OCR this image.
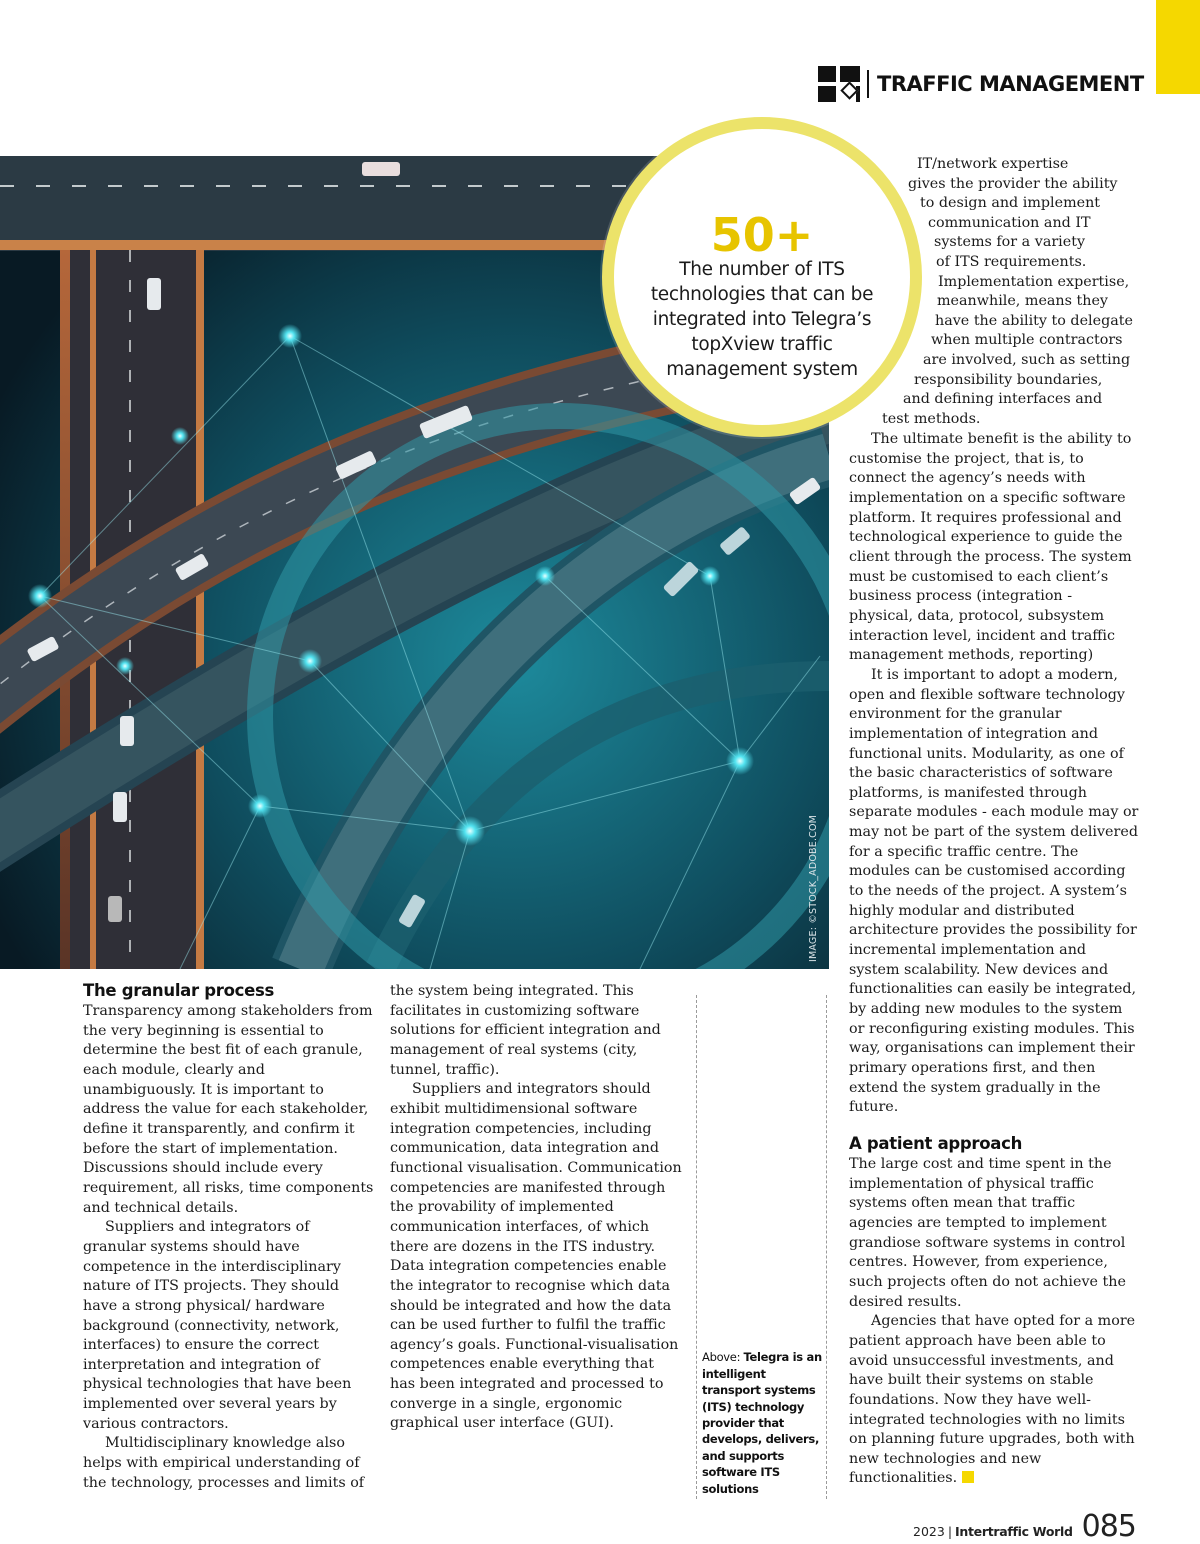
TRAFFIC MANAGEMENT
IMAGE: ©STOCK_ADOBE.COM
50+
The number of ITS technologies that can be integrated into Telegra’s topXview traffic management system
IT/network expertise
gives the provider the ability
to design and implement
communication and IT
systems for a variety
of ITS requirements.
Implementation expertise,
meanwhile, means they
have the ability to delegate
when multiple contractors
are involved, such as setting
responsibility boundaries,
and defining interfaces and
test methods.

The ultimate benefit is the ability to customise the project, that is, to connect the agency’s needs with implementation on a specific software platform. It requires professional and technological experience to guide the client through the process. The system must be customised to each client’s business process (integration - physical, data, protocol, subsystem interaction level, incident and traffic management methods, reporting)

It is important to adopt a modern, open and flexible software technology environment for the granular implementation of integration and functional units. Modularity, as one of the basic characteristics of software platforms, is manifested through separate modules - each module may or may not be part of the system delivered for a specific traffic centre. The modules can be customised according to the needs of the project. A system’s highly modular and distributed architecture provides the possibility for incremental implementation and system scalability. New devices and functionalities can easily be integrated, by adding new modules to the system or reconfiguring existing modules. This way, organisations can implement their primary operations first, and then extend the system gradually in the future.

A patient approach

The large cost and time spent in the implementation of physical traffic systems often mean that traffic agencies are tempted to implement grandiose software systems in control centres. However, from experience, such projects often do not achieve the desired results.

Agencies that have opted for a more patient approach have been able to avoid unsuccessful investments, and have built their systems on stable foundations. Now they have well-integrated technologies with no limits on planning future upgrades, both with new technologies and new functionalities.

The granular process

Transparency among stakeholders from the very beginning is essential to determine the best fit of each granule, each module, clearly and unambiguously. It is important to address the value for each stakeholder, define it transparently, and confirm it before the start of implementation. Discussions should include every requirement, all risks, time components and technical details.

Suppliers and integrators of granular systems should have competence in the interdisciplinary nature of ITS projects. They should have a strong physical/ hardware background (connectivity, network, interfaces) to ensure the correct interpretation and integration of physical technologies that have been implemented over several years by various contractors.

Multidisciplinary knowledge also helps with empirical understanding of the technology, processes and limits of

the system being integrated. This facilitates in customizing software solutions for efficient integration and management of real systems (city, tunnel, traffic).

Suppliers and integrators should exhibit multidimensional software integration competencies, including communication, data integration and functional visualisation. Communication competencies are manifested through the provability of implemented communication interfaces, of which there are dozens in the ITS industry. Data integration competencies enable the integrator to recognise which data should be integrated and how the data can be used further to fulfil the traffic agency’s goals. Functional-visualisation competences enable everything that has been integrated and processed to converge in a single, ergonomic graphical user interface (GUI).

Above: Telegra is an intelligent transport systems (ITS) technology provider that develops, delivers, and supports software ITS solutions
2023 | Intertraffic World 085
